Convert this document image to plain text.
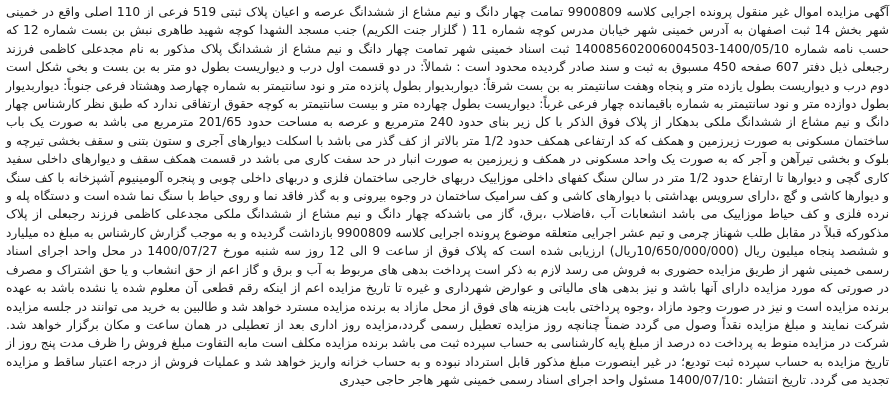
آگهی مزایده اموال غیر منقول پرونده اجرایی کلاسه 9900809 تمامت چهار دانگ و نیم مشاع از ششدانگ عرصه و اعیان پلاک ثبتی 519 فرعی از 110 اصلی واقع در خمینی شهر بخش 14 ثبت اصفهان به آدرس خمینی شهر خیابان مدرس کوچه شماره 11 ( گلزار جنت الکریم) جنب مسجد الشهدا کوچه شهید طاهری نبش بن بست شماره 12 که حسب نامه شماره 1400/05/10-140085602006004503 ثبت اسناد خمینی شهر تمامت چهار دانگ و نیم مشاع از ششدانگ پلاک مذکور به نام مجدعلی کاظمی فرزند رجبعلی ذیل دفتر 607 صفحه 450 مسبوق به ثبت و سند صادر گردیده محدود است : شمالاً: در دو قسمت اول درب و دیواریست بطول دو متر به بن بست و بخی شکل است دوم درب و دیواریست بطول یازده متر و پنجاه وهفت سانتیمتر به بن بست شرقاً: دیواربدیوار بطول پانزده متر و نود سانتیمتر به شماره چهارصد وهشتاد فرعی جنوباً: دیواربدیوار بطول دوازده متر و نود سانتیمتر به شماره باقیمانده چهار فرعی غرباً: دیواریست بطول چهارده متر و بیست سانتیمتر به کوچه حقوق ارتفاقی ندارد که طبق نظر کارشناس چهار دانگ و نیم مشاع از ششدانگ ملکی بدهکار از پلاک فوق الذکر با کل زیر بنای حدود 240 مترمربع و عرصه به مساحت حدود 201/65 مترمربع می باشد به صورت یک باب ساختمان مسکونی به صورت زیرزمین و همکف که کد ارتفاعی همکف حدود 1/2 متر بالاتر از کف گذر می باشد با اسکلت دیوارهای آجری و ستون بتنی و سقف بخشی تیرچه و بلوک و بخشی تیرآهن و آجر که به صورت یک واحد مسکونی در همکف و زیرزمین به صورت انبار در حد سفت کاری می باشد در قسمت همکف سقف و دیوارهای داخلی سفید کاری گچی و دیوارها تا ارتفاع حدود 1/2 متر در سالن سنگ کفهای داخلی موزاییک دربهای خارجی ساختمان فلزی و دربهای داخلی چوبی و پنجره آلومینیوم آشپزخانه با کف سنگ و دیوارها کاشی و گچ ،دارای سرویس بهداشتی با دیوارهای کاشی و کف سرامیک ساختمان در وجوه بیرونی و به گذر فاقد نما و روی حیاط با سنگ نما شده است و دستگاه پله و نرده فلزی و کف حیاط موزاییک می باشد انشعابات آب ،فاضلاب ،برق، گاز می باشدکه چهار دانگ و نیم مشاع از ششدانگ ملکی مجدعلی کاظمی فرزند رجبعلی از پلاک مذکورکه قبلاً در مقابل طلب شهناز چرمی و تیم عشر اجرایی متعلقه موضوع پرونده اجرایی کلاسه 9900809 بازداشت گردیده و به موجب گزارش کارشناس به مبلغ ده میلیارد و ششصد پنجاه میلیون ریال (10/650/000/000ریال) ارزیابی شده است که پلاک فوق از ساعت 9 الی 12 روز سه شنبه مورخ 1400/07/27 در محل واحد اجرای اسناد رسمی خمینی شهر از طریق مزایده حضوری به فروش می رسد لازم به ذکر است پرداخت بدهی های مربوط به آب و برق و گاز اعم از حق انشعاب و یا حق اشتراک و مصرف در صورتی که مورد مزایده دارای آنها باشد و نیز بدهی های مالیاتی و عوارض شهرداری و غیره تا تاریخ مزایده اعم از اینکه رقم قطعی آن معلوم شده یا نشده باشد به عهده برنده مزایده است و نیز در صورت وجود مازاد ،وجوه پرداختی بابت هزینه های فوق از محل مازاد به برنده مزایده مسترد خواهد شد و طالبین به خرید می توانند در جلسه مزایده شرکت نمایند و مبلغ مزایده نقداً وصول می گردد ضمناً چنانچه روز مزایده تعطیل رسمی گردد،مزایده روز اداری بعد از تعطیلی در همان ساعت و مکان برگزار خواهد شد. شرکت در مزایده منوط به پرداخت ده درصد از مبلغ پایه کارشناسی به حساب سپرده ثبت می باشد برنده مزایده مکلف است مابه التفاوت مبلغ فروش را ظرف مدت پنج روز از تاریخ مزایده به حساب سپرده ثبت تودیع؛ در غیر اینصورت مبلغ مذکور قابل استرداد نبوده و به حساب خزانه واریز خواهد شد و عملیات فروش از درجه اعتبار ساقط و مزایده تجدید می گردد. تاریخ انتشار :1400/07/10 مسئول واحد اجرای اسناد رسمی خمینی شهر هاجر حاجی حیدری
